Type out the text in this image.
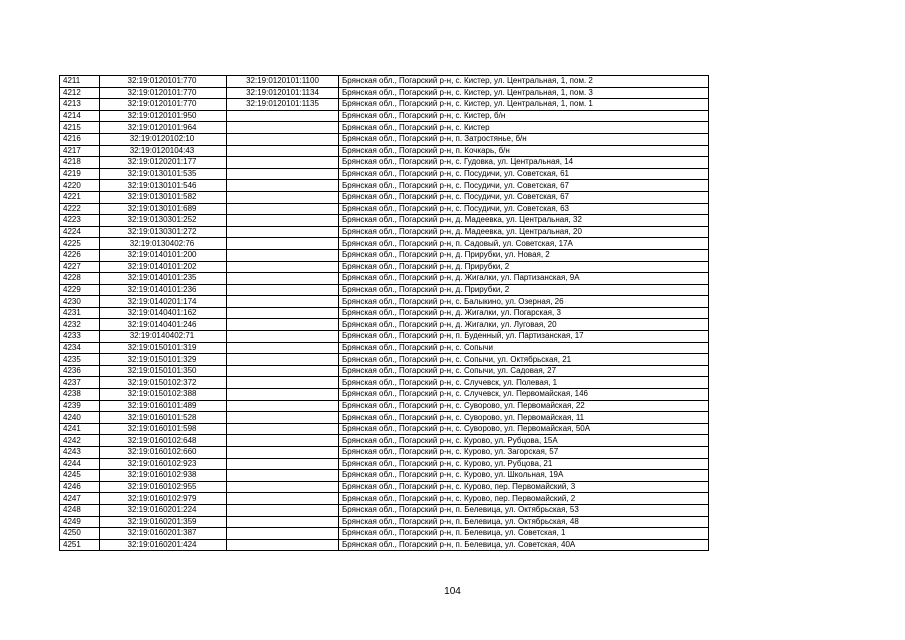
4211	32:19:0120101:770	32:19:0120101:1100	Брянская обл., Погарский р-н, с. Кистер, ул. Центральная, 1, пом. 2
4212	32:19:0120101:770	32:19:0120101:1134	Брянская обл., Погарский р-н, с. Кистер, ул. Центральная, 1, пом. 3
4213	32:19:0120101:770	32:19:0120101:1135	Брянская обл., Погарский р-н, с. Кистер, ул. Центральная, 1, пом. 1
4214	32:19:0120101:950		Брянская обл., Погарский р-н, с. Кистер, б/н
4215	32:19:0120101:964		Брянская обл., Погарский р-н, с. Кистер
4216	32:19:0120102:10		Брянская обл., Погарский р-н, п. Затростянье, б/н
4217	32:19:0120104:43		Брянская обл., Погарский р-н, п. Кочкарь, б/н
4218	32:19:0120201:177		Брянская обл., Погарский р-н, с. Гудовка, ул. Центральная, 14
4219	32:19:0130101:535		Брянская обл., Погарский р-н, с. Посудичи, ул. Советская, 61
4220	32:19:0130101:546		Брянская обл., Погарский р-н, с. Посудичи, ул. Советская, 67
4221	32:19:0130101:582		Брянская обл., Погарский р-н, с. Посудичи, ул. Советская, 67
4222	32:19:0130101:689		Брянская обл., Погарский р-н, с. Посудичи, ул. Советская, 63
4223	32:19:0130301:252		Брянская обл., Погарский р-н, д. Мадеевка, ул. Центральная, 32
4224	32:19:0130301:272		Брянская обл., Погарский р-н, д. Мадеевка, ул. Центральная, 20
4225	32:19:0130402:76		Брянская обл., Погарский р-н, п. Садовый, ул. Советская, 17А
4226	32:19:0140101:200		Брянская обл., Погарский р-н, д. Прирубки, ул. Новая, 2
4227	32:19:0140101:202		Брянская обл., Погарский р-н, д. Прирубки, 2
4228	32:19:0140101:235		Брянская обл., Погарский р-н, д. Жигалки, ул. Партизанская, 9А
4229	32:19:0140101:236		Брянская обл., Погарский р-н, д. Прирубки, 2
4230	32:19:0140201:174		Брянская обл., Погарский р-н, с. Балыкино, ул. Озерная, 26
4231	32:19:0140401:162		Брянская обл., Погарский р-н, д. Жигалки, ул. Погарская, 3
4232	32:19:0140401:246		Брянская обл., Погарский р-н, д. Жигалки, ул. Луговая, 20
4233	32:19:0140402:71		Брянская обл., Погарский р-н, п. Буденный, ул. Партизанская, 17
4234	32:19:0150101:319		Брянская обл., Погарский р-н, с. Сопычи
4235	32:19:0150101:329		Брянская обл., Погарский р-н, с. Сопычи, ул. Октябрьская, 21
4236	32:19:0150101:350		Брянская обл., Погарский р-н, с. Сопычи, ул. Садовая, 27
4237	32:19:0150102:372		Брянская обл., Погарский р-н, с. Случевск, ул. Полевая, 1
4238	32:19:0150102:388		Брянская обл., Погарский р-н, с. Случевск, ул. Первомайская, 146
4239	32:19:0160101:489		Брянская обл., Погарский р-н, с. Суворово, ул. Первомайская, 22
4240	32:19:0160101:528		Брянская обл., Погарский р-н, с. Суворово, ул. Первомайская, 11
4241	32:19:0160101:598		Брянская обл., Погарский р-н, с. Суворово, ул. Первомайская, 50А
4242	32:19:0160102:648		Брянская обл., Погарский р-н, с. Курово, ул. Рубцова, 15А
4243	32:19:0160102:660		Брянская обл., Погарский р-н, с. Курово, ул. Загорская, 57
4244	32:19:0160102:923		Брянская обл., Погарский р-н, с. Курово, ул. Рубцова, 21
4245	32:19:0160102:938		Брянская обл., Погарский р-н, с. Курово, ул. Школьная, 19А
4246	32:19:0160102:955		Брянская обл., Погарский р-н, с. Курово, пер. Первомайский, 3
4247	32:19:0160102:979		Брянская обл., Погарский р-н, с. Курово, пер. Первомайский, 2
4248	32:19:0160201:224		Брянская обл., Погарский р-н, п. Белевица, ул. Октябрьская, 53
4249	32:19:0160201:359		Брянская обл., Погарский р-н, п. Белевица, ул. Октябрьская, 48
4250	32:19:0160201:387		Брянская обл., Погарский р-н, п. Белевица, ул. Советская, 1
4251	32:19:0160201:424		Брянская обл., Погарский р-н, п. Белевица, ул. Советская, 40А
104
